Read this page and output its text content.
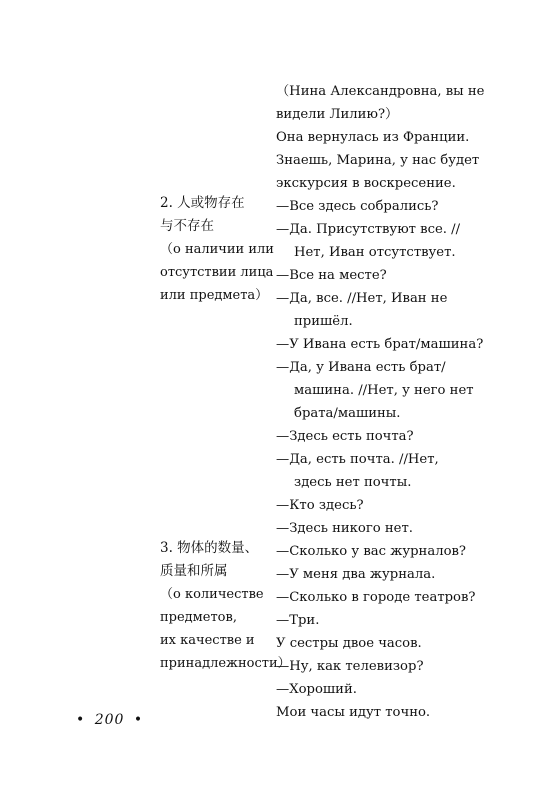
2. 人或物存在
与不存在
（о наличии или
отсутствии лица
или предмета）
3. 物体的数量、
质量和所属
（о количестве
предметов,
их качестве и
принадлежности）
（Нина Александровна, вы не
видели Лилию?）
Она вернулась из Франции.
Знаешь, Марина, у нас будет
экскурсия в воскресение.
—Все здесь собрались?
—Да. Присутствуют все. //
Нет, Иван отсутствует.
—Все на месте?
—Да, все. //Нет, Иван не
пришёл.
—У Ивана есть брат/машина?
—Да, у Ивана есть брат/
машина. //Нет, у него нет
брата/машины.
—Здесь есть почта?
—Да, есть почта. //Нет,
здесь нет почты.
—Кто здесь?
—Здесь никого нет.
—Сколько у вас журналов?
—У меня два журнала.
—Сколько в городе театров?
—Три.
У сестры двое часов.
—Ну, как телевизор?
—Хороший.
Мои часы идут точно.
• 200 •
